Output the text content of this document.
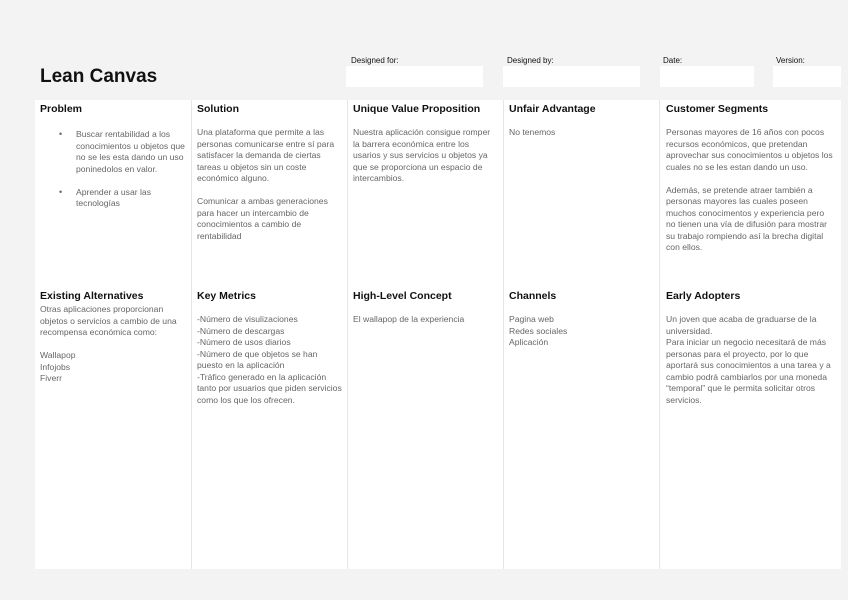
Lean Canvas
Designed for:	Designed by:	Date:	Version:
Problem
• Buscar rentabilidad a los conocimientos u objetos que no se les esta dando un uso poninedolos en valor.
• Aprender a usar las tecnologías
Solution

Una plataforma que permite a las personas comunicarse entre sí para satisfacer la demanda de ciertas tareas u objetos sin un coste económico alguno.

Comunicar a ambas generaciones para hacer un intercambio de conocimientos a cambio de rentabilidad

Unique Value Proposition
Nuestra aplicación consigue romper la barrera económica entre los usarios y sus servicios u objetos ya que se proporciona un espacio de intercambios.
Unfair Advantage
No tenemos
Customer Segments

Personas mayores de 16 años con pocos recursos económicos, que pretendan aprovechar sus conocimientos u objetos los cuales no se les estan dando un uso.

Además, se pretende atraer también a personas mayores las cuales poseen muchos conocimentos y experiencia pero no tienen una vía de difusión para mostrar su trabajo rompiendo así la brecha digital con ellos.

Existing Alternatives

Otras aplicaciones proporcionan objetos o servicios a cambio de una recompensa económica como:

Wallapop

Infojobs

Fiverr

Key Metrics

-Número de visulizaciones

-Número de descargas

-Número de usos diarios

-Número de que objetos se han puesto en la aplicación

-Tráfico generado en la aplicación tanto por usuarios que piden servicios como los que los ofrecen.

High-Level Concept
El wallapop de la experiencia
Channels

Pagina web

Redes sociales

Aplicación

Early Adopters

Un joven que acaba de graduarse de la universidad.

Para iniciar un negocio necesitará de más personas para el proyecto, por lo que aportará sus conocimientos a una tarea y a cambio podrá cambiarlos por una moneda “temporal” que le permita solicitar otros servicios.
